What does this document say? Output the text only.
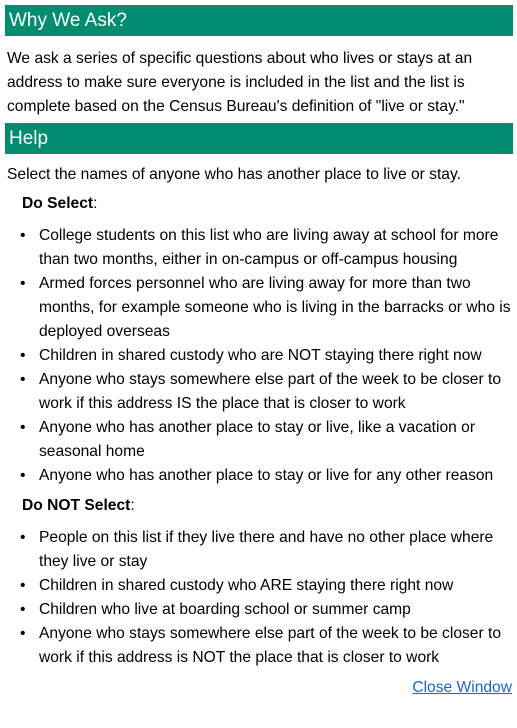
Why We Ask?
We ask a series of specific questions about who lives or stays at an address to make sure everyone is included in the list and the list is complete based on the Census Bureau's definition of "live or stay."
Help
Select the names of anyone who has another place to live or stay.
Do Select:
• College students on this list who are living away at school for more than two months, either in on-campus or off-campus housing
• Armed forces personnel who are living away for more than two months, for example someone who is living in the barracks or who is deployed overseas
• Children in shared custody who are NOT staying there right now
• Anyone who stays somewhere else part of the week to be closer to work if this address IS the place that is closer to work
• Anyone who has another place to stay or live, like a vacation or seasonal home
• Anyone who has another place to stay or live for any other reason
Do NOT Select:
• People on this list if they live there and have no other place where they live or stay
• Children in shared custody who ARE staying there right now
• Children who live at boarding school or summer camp
• Anyone who stays somewhere else part of the week to be closer to work if this address is NOT the place that is closer to work
Close Window
